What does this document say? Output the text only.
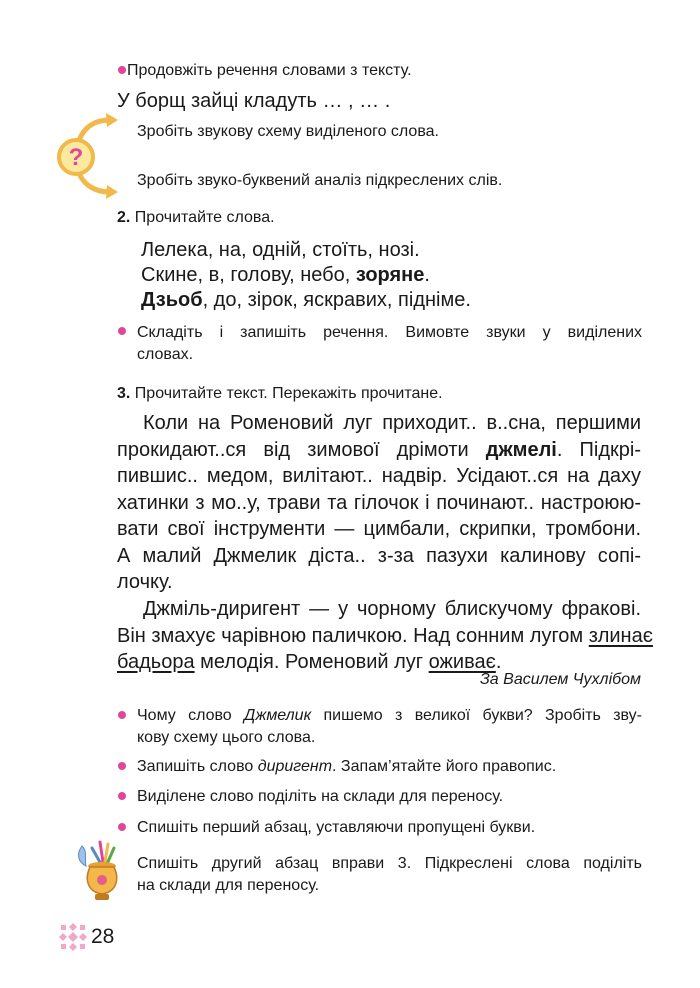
Продовжіть речення словами з тексту.
У борщ зайці кладуть … , … .
?
Зробіть звукову схему виділеного слова.
Зробіть звуко-буквений аналіз підкреслених слів.
2. Прочитайте слова.
Лелека, на, одній, стоїть, нозі.
Скине, в, голову, небо, зоряне.
Дзьоб, до, зірок, яскравих, підніме.
Складіть і запишіть речення. Вимовте звуки у виділених
словах.
3. Прочитайте текст. Перекажіть прочитане.
Коли на Роменовий луг приходит.. в..сна, першими
прокидают..ся від зимової дрімоти джмелі. Підкрі-
пившис.. медом, вилітают.. надвір. Усідают..ся на даху
хатинки з мо..у, трави та гілочок і починают.. настроюю-
вати свої інструменти — цимбали, скрипки, тромбони.
А малий Джмелик діста.. з-за пазухи калинову сопі-
лочку.
Джміль-диригент — у чорному блискучому фракові.
Він змахує чарівною паличкою. Над сонним лугом злинає
бадьора мелодія. Роменовий луг оживає.
За Василем Чухлібом
Чому слово Джмелик пишемо з великої букви? Зробіть зву-
кову схему цього слова.
Запишіть слово диригент. Запам’ятайте його правопис.
Виділене слово поділіть на склади для переносу.
Спишіть перший абзац, уставляючи пропущені букви.
Спишіть другий абзац вправи 3. Підкреслені слова поділіть
на склади для переносу.
28
